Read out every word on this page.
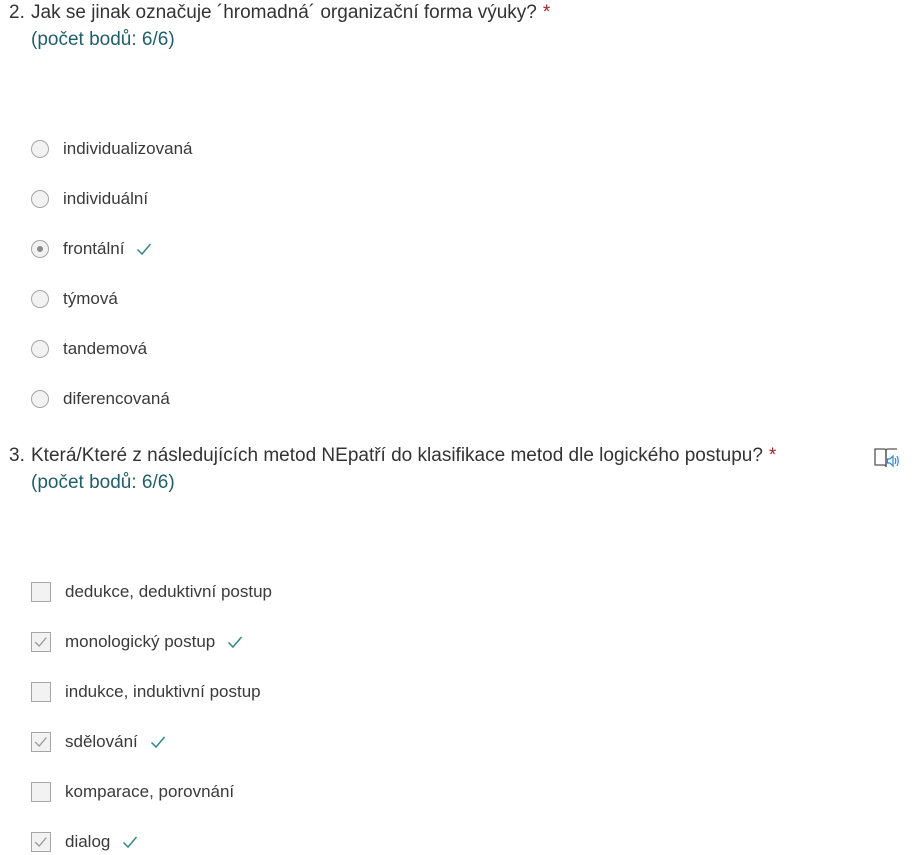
2. Jak se jinak označuje ´hromadná´ organizační forma výuky? *
(počet bodů: 6/6)
individualizovaná
individuální
frontální
týmová
tandemová
diferencovaná
3. Která/Které z následujících metod NEpatří do klasifikace metod dle logického postupu? *
(počet bodů: 6/6)
dedukce, deduktivní postup
monologický postup
indukce, induktivní postup
sdělování
komparace, porovnání
dialog
